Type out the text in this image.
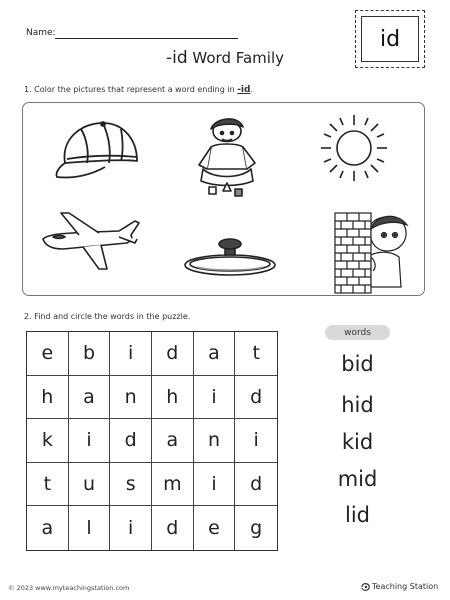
Name:
-id Word Family
id
1. Color the pictures that represent a word ending in -id.
2. Find and circle the words in the puzzle.
e	b	i	d	a	t
h	a	n	h	i	d
k	i	d	a	n	i
t	u	s	m	i	d
a	l	i	d	e	g
words
bid
hid
kid
mid
lid
© 2023 www.myteachingstation.com	Teaching Station
